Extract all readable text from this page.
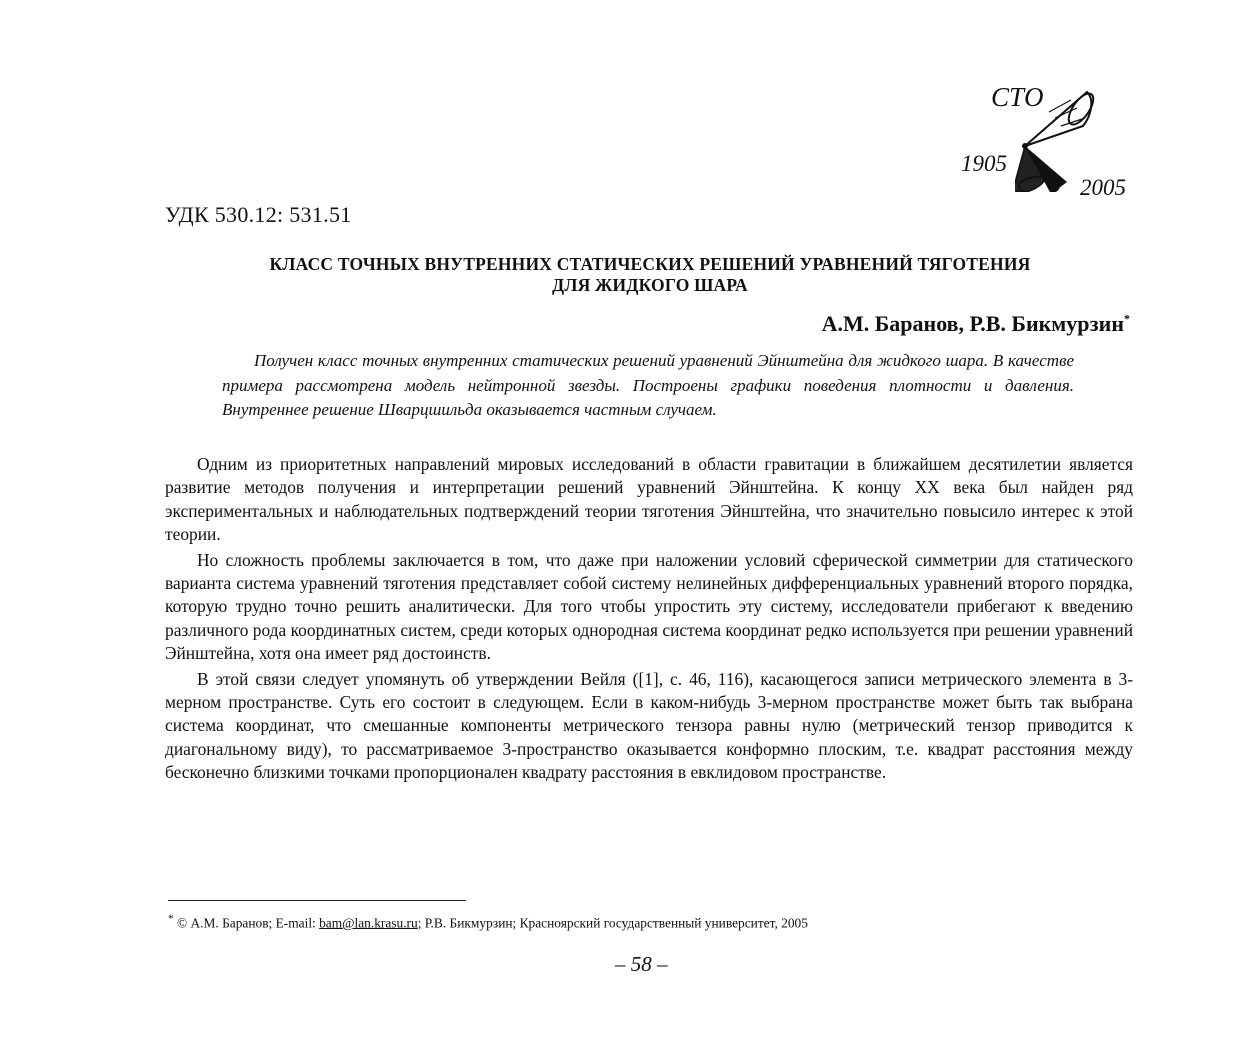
СТО
1905
2005
УДК 530.12: 531.51
КЛАСС ТОЧНЫХ ВНУТРЕННИХ СТАТИЧЕСКИХ РЕШЕНИЙ УРАВНЕНИЙ ТЯГОТЕНИЯ
ДЛЯ ЖИДКОГО ШАРА
А.М. Баранов, Р.В. Бикмурзин*
Получен класс точных внутренних статических решений уравнений Эйнштейна для жидкого шара. В качестве примера рассмотрена модель нейтронной звезды. Построены графики поведения плотности и давления. Внутреннее решение Шварцшильда оказывается частным случаем.

Одним из приоритетных направлений мировых исследований в области гравитации в ближайшем десятилетии является развитие методов получения и интерпретации решений уравнений Эйнштейна. К концу XX века был найден ряд экспериментальных и наблюдательных подтверждений теории тяготения Эйнштейна, что значительно повысило интерес к этой теории.

Но сложность проблемы заключается в том, что даже при наложении условий сферической симметрии для статического варианта система уравнений тяготения представляет собой систему нелинейных дифференциальных уравнений второго порядка, которую трудно точно решить аналитически. Для того чтобы упростить эту систему, исследователи прибегают к введению различного рода координатных систем, среди которых однородная система координат редко используется при решении уравнений Эйнштейна, хотя она имеет ряд достоинств.

В этой связи следует упомянуть об утверждении Вейля ([1], с. 46, 116), касающегося записи метрического элемента в 3-мерном пространстве. Суть его состоит в следующем. Если в каком-нибудь 3-мерном пространстве может быть так выбрана система координат, что смешанные компоненты метрического тензора равны нулю (метрический тензор приводится к диагональному виду), то рассматриваемое 3-пространство оказывается конформно плоским, т.е. квадрат расстояния между бесконечно близкими точками пропорционален квадрату расстояния в евклидовом пространстве.

* © А.М. Баранов; E-mail: bam@lan.krasu.ru; Р.В. Бикмурзин; Красноярский государственный университет, 2005
– 58 –
